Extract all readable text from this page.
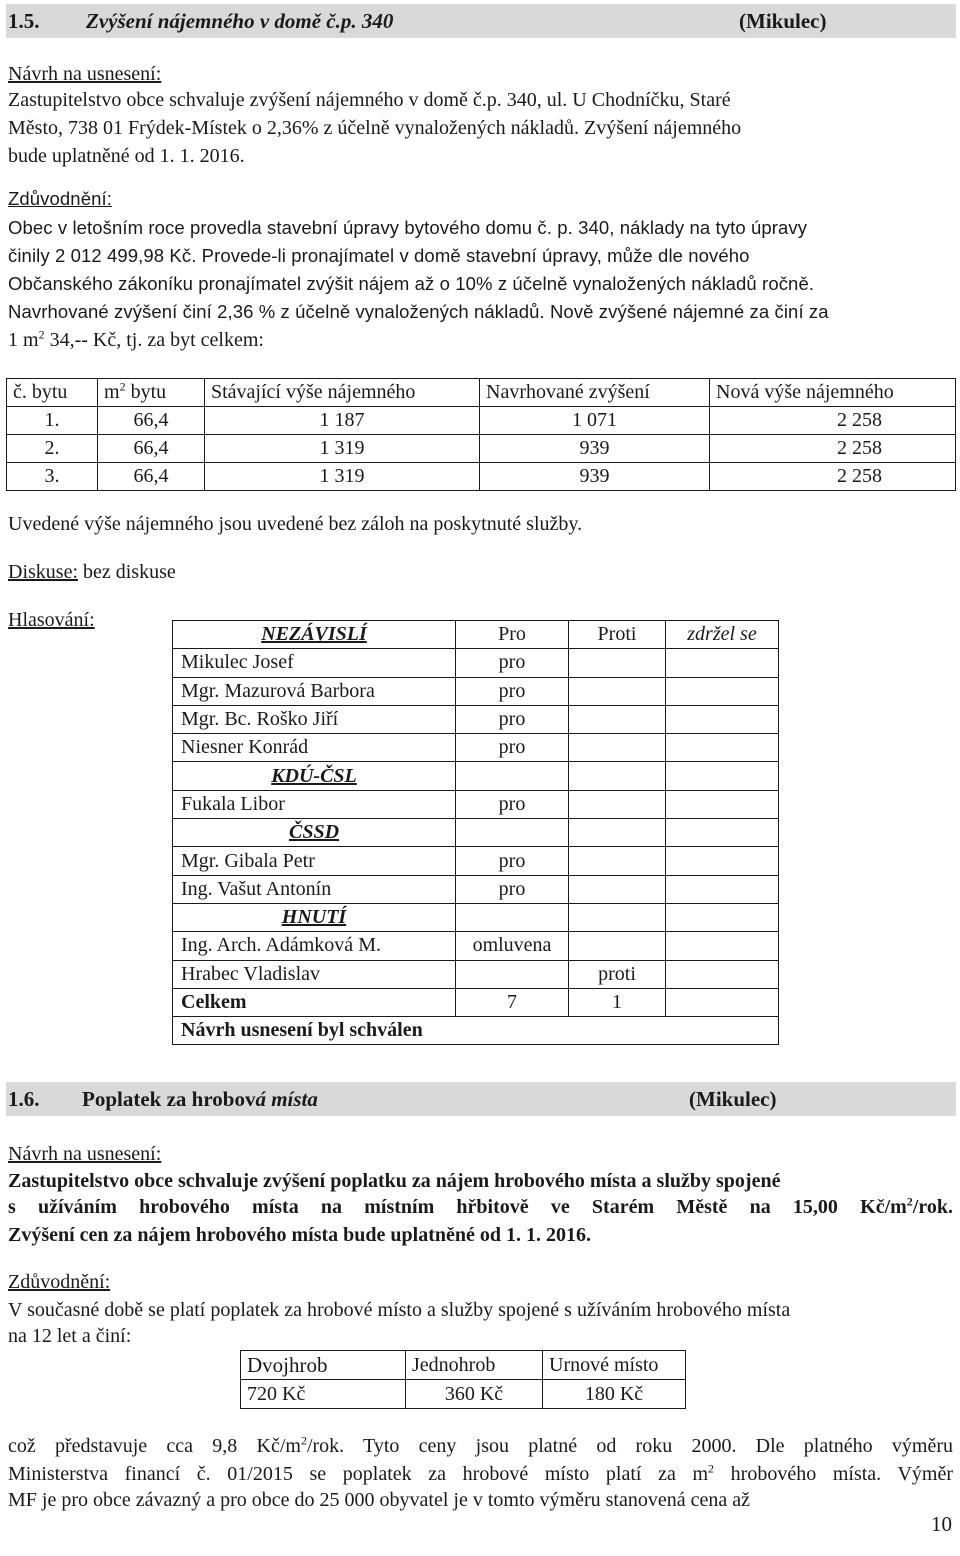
1.5. Zvýšení nájemného v domě č.p. 340	(Mikulec)
Návrh na usnesení:
Zastupitelstvo obce schvaluje zvýšení nájemného v domě č.p. 340, ul. U Chodníčku, Staré
Město, 738 01 Frýdek-Místek o 2,36% z účelně vynaložených nákladů. Zvýšení nájemného
bude uplatněné od 1. 1. 2016.
Zdůvodnění:
Obec v letošním roce provedla stavební úpravy bytového domu č. p. 340, náklady na tyto úpravy
činily 2 012 499,98 Kč. Provede-li pronajímatel v domě stavební úpravy, může dle nového
Občanského zákoníku pronajímatel zvýšit nájem až o 10% z účelně vynaložených nákladů ročně.
Navrhované zvýšení činí 2,36 % z účelně vynaložených nákladů. Nově zvýšené nájemné za činí za
1 $m^2$ 34,-- Kč, tj. za byt celkem:
č. bytu	$m^2$ bytu	Stávající výše nájemného	Navrhované zvýšení	Nová výše nájemného
1.	66,4	1 187	1 071	2 258
2.	66,4	1 319	939	2 258
3.	66,4	1 319	939	2 258
Uvedené výše nájemného jsou uvedené bez záloh na poskytnuté služby.
Diskuse: bez diskuse
Hlasování:
NEZÁVISLÍ	Pro	Proti	zdržel se
Mikulec Josef	pro		
Mgr. Mazurová Barbora	pro		
Mgr. Bc. Roško Jiří	pro		
Niesner Konrád	pro		
KDÚ-ČSL			
Fukala Libor	pro		
ČSSD			
Mgr. Gibala Petr	pro		
Ing. Vašut Antonín	pro		
HNUTÍ			
Ing. Arch. Adámková M.	omluvena		
Hrabec Vladislav		proti	
Celkem	7	1	
Návrh usnesení byl schválen			
1.6. Poplatek za hrobová místa	(Mikulec)
Návrh na usnesení:
Zastupitelstvo obce schvaluje zvýšení poplatku za nájem hrobového místa a služby spojené
s užíváním hrobového místa na místním hřbitově ve Starém Městě na 15,00 $Kč/m^2$/rok.
Zvýšení cen za nájem hrobového místa bude uplatněné od 1. 1. 2016.
Zdůvodnění:
V současné době se platí poplatek za hrobové místo a služby spojené s užíváním hrobového místa
na 12 let a činí:
Dvojhrob	Jednohrob	Urnové místo
720 Kč	360 Kč	180 Kč
což představuje cca 9,8 $Kč/m^2$/rok. Tyto ceny jsou platné od roku 2000. Dle platného výměru
Ministerstva financí č. 01/2015 se poplatek za hrobové místo platí za $m^2$ hrobového místa. Výměr
MF je pro obce závazný a pro obce do 25 000 obyvatel je v tomto výměru stanovená cena až
10
